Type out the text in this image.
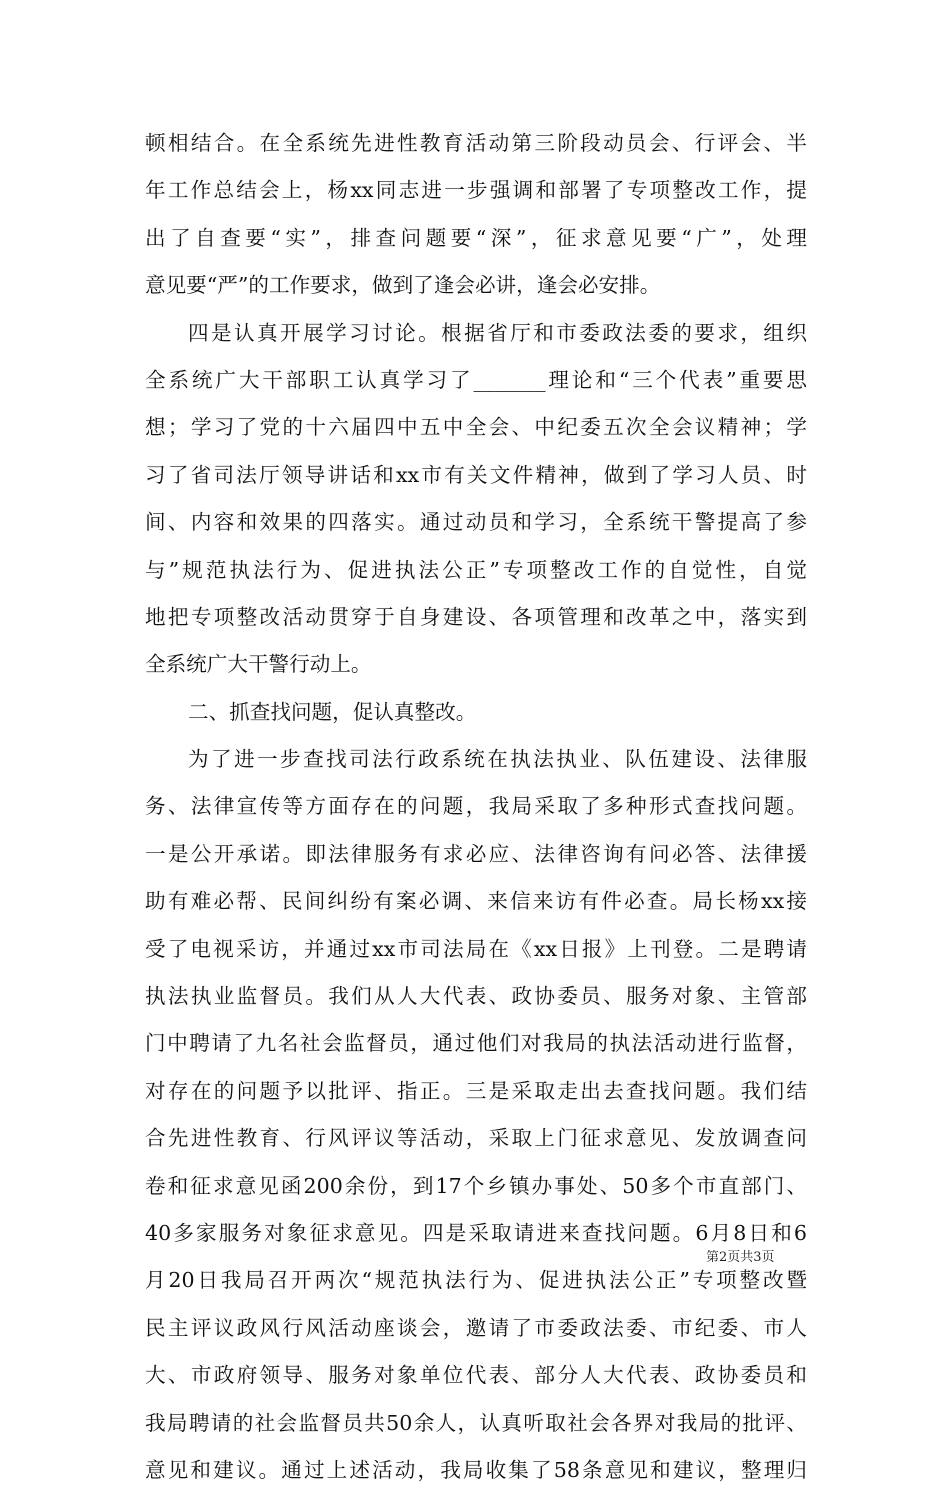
顿相结合。在全系统先进性教育活动第三阶段动员会、行评会、半
年工作总结会上，杨xx同志进一步强调和部署了专项整改工作，提
出了自查要“实”，排查问题要“深”，征求意见要“广”，处理
意见要“严”的工作要求，做到了逢会必讲，逢会必安排。
四是认真开展学习讨论。根据省厅和市委政法委的要求，组织
全系统广大干部职工认真学习了_______理论和“三个代表”重要思
想；学习了党的十六届四中五中全会、中纪委五次全会议精神；学
习了省司法厅领导讲话和xx市有关文件精神，做到了学习人员、时
间、内容和效果的四落实。通过动员和学习，全系统干警提高了参
与”规范执法行为、促进执法公正”专项整改工作的自觉性，自觉
地把专项整改活动贯穿于自身建设、各项管理和改革之中，落实到
全系统广大干警行动上。
二、抓查找问题，促认真整改。
为了进一步查找司法行政系统在执法执业、队伍建设、法律服
务、法律宣传等方面存在的问题，我局采取了多种形式查找问题。
一是公开承诺。即法律服务有求必应、法律咨询有问必答、法律援
助有难必帮、民间纠纷有案必调、来信来访有件必查。局长杨xx接
受了电视采访，并通过xx市司法局在《xx日报》上刊登。二是聘请
执法执业监督员。我们从人大代表、政协委员、服务对象、主管部
门中聘请了九名社会监督员，通过他们对我局的执法活动进行监督，
对存在的问题予以批评、指正。三是采取走出去查找问题。我们结
合先进性教育、行风评议等活动，采取上门征求意见、发放调查问
卷和征求意见函200余份，到17个乡镇办事处、50多个市直部门、
40多家服务对象征求意见。四是采取请进来查找问题。6月8日和6
月20日我局召开两次“规范执法行为、促进执法公正”专项整改暨
民主评议政风行风活动座谈会，邀请了市委政法委、市纪委、市人
大、市政府领导、服务对象单位代表、部分人大代表、政协委员和
我局聘请的社会监督员共50余人，认真听取社会各界对我局的批评、
意见和建议。通过上述活动，我局收集了58条意见和建议，整理归
第2页共3页
